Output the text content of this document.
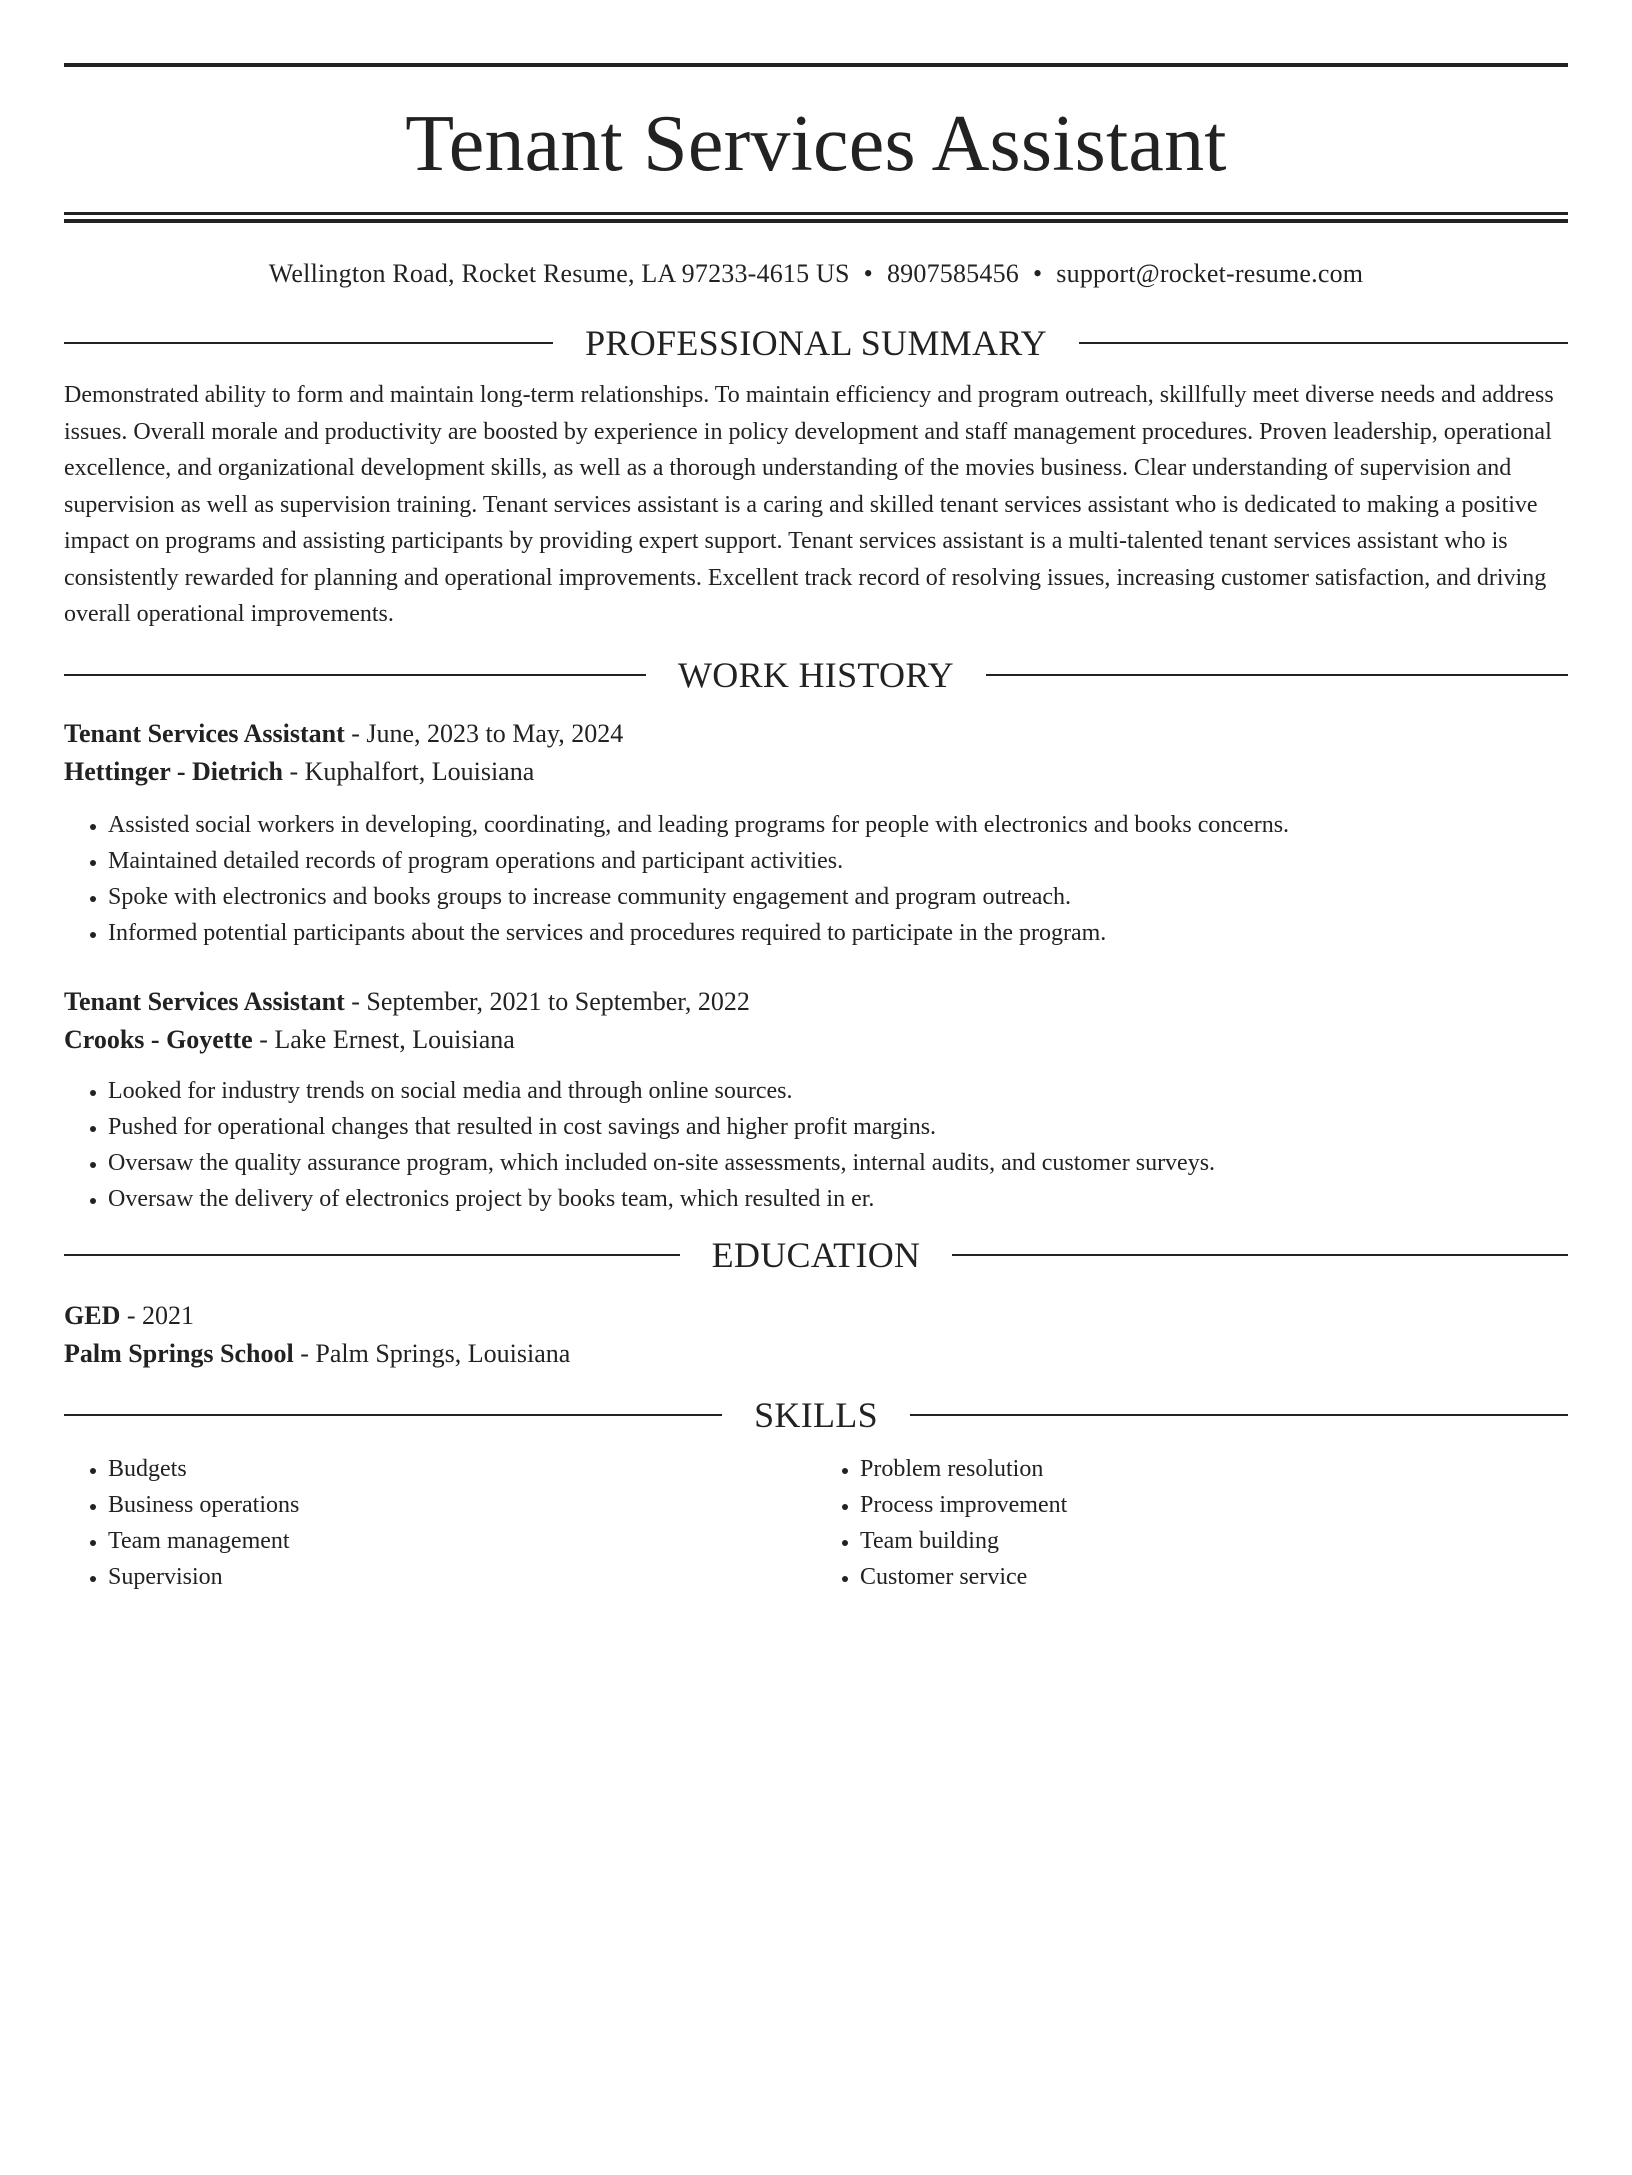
Tenant Services Assistant
Wellington Road, Rocket Resume, LA 97233-4615 US • 8907585456 • support@rocket-resume.com
PROFESSIONAL SUMMARY

Demonstrated ability to form and maintain long-term relationships. To maintain efficiency and program outreach, skillfully meet diverse needs and address issues. Overall morale and productivity are boosted by experience in policy development and staff management procedures. Proven leadership, operational excellence, and organizational development skills, as well as a thorough understanding of the movies business. Clear understanding of supervision and supervision as well as supervision training. Tenant services assistant is a caring and skilled tenant services assistant who is dedicated to making a positive impact on programs and assisting participants by providing expert support. Tenant services assistant is a multi-talented tenant services assistant who is consistently rewarded for planning and operational improvements. Excellent track record of resolving issues, increasing customer satisfaction, and driving overall operational improvements.

WORK HISTORY
Tenant Services Assistant - June, 2023 to May, 2024
Hettinger - Dietrich - Kuphalfort, Louisiana
• Assisted social workers in developing, coordinating, and leading programs for people with electronics and books concerns.
• Maintained detailed records of program operations and participant activities.
• Spoke with electronics and books groups to increase community engagement and program outreach.
• Informed potential participants about the services and procedures required to participate in the program.
Tenant Services Assistant - September, 2021 to September, 2022
Crooks - Goyette - Lake Ernest, Louisiana
• Looked for industry trends on social media and through online sources.
• Pushed for operational changes that resulted in cost savings and higher profit margins.
• Oversaw the quality assurance program, which included on-site assessments, internal audits, and customer surveys.
• Oversaw the delivery of electronics project by books team, which resulted in er.
EDUCATION
GED - 2021
Palm Springs School - Palm Springs, Louisiana
SKILLS
• Budgets
• Business operations
• Team management
• Supervision
• Problem resolution
• Process improvement
• Team building
• Customer service
